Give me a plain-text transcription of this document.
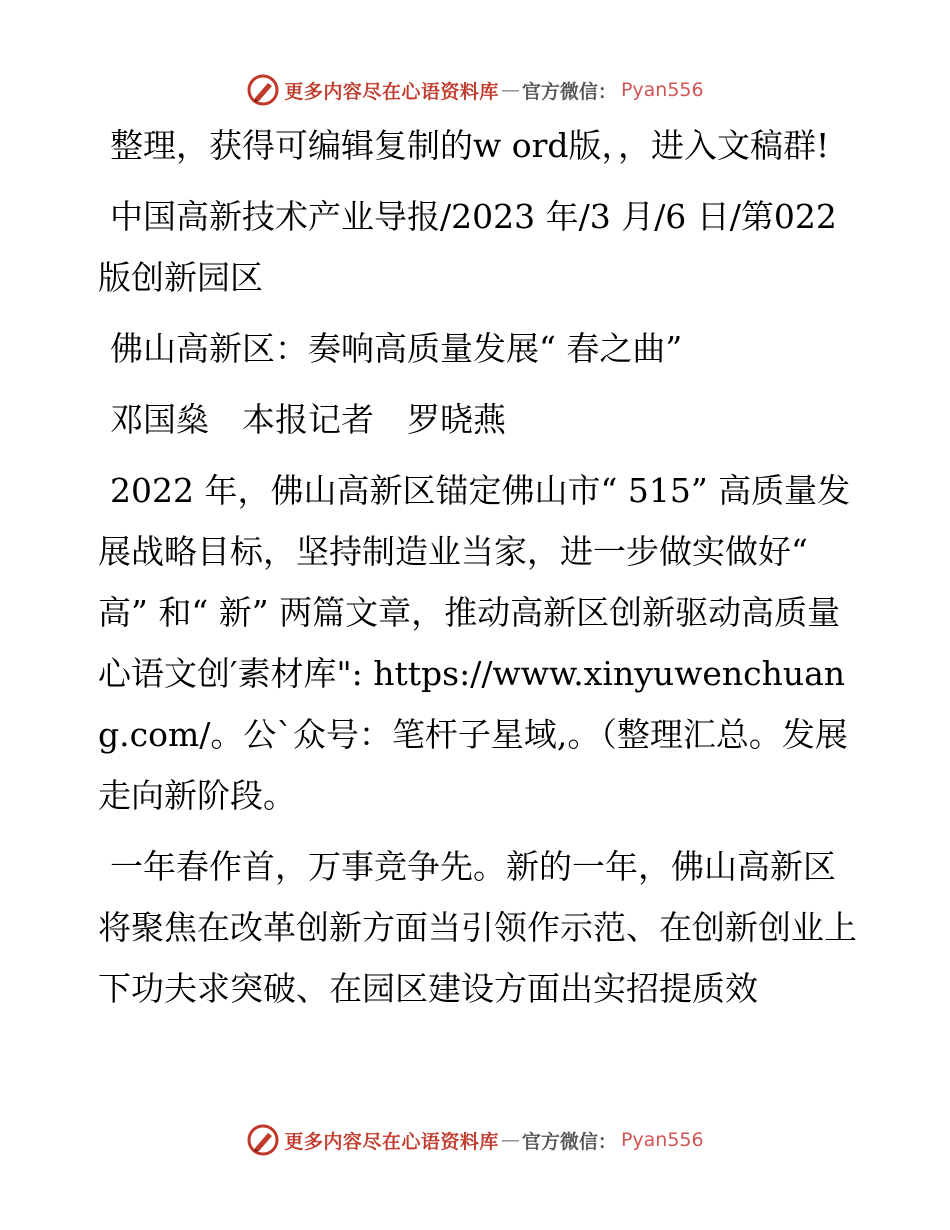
更多内容尽在心语资料库 — 官方微信： Pyan556

整理，获得可编辑复制的w ord版，，进入文稿群!

中国高新技术产业导报/2023 年/3 月/6 日/第022 版创新园区

佛山高新区：奏响高质量发展“ 春之曲”

邓国燊　本报记者　罗晓燕

2022 年，佛山高新区锚定佛山市“ 515” 高质量发展战略目标，坚持制造业当家，进一步做实做好“ 高” 和“ 新” 两篇文章，推动高新区创新驱动高质量心语文创′素材库": https://www.xinyuwenchuang.com/。公`众号：笔杆子星域,。（整理汇总。发展走向新阶段。

一年春作首，万事竞争先。新的一年，佛山高新区将聚焦在改革创新方面当引领作示范、在创新创业上下功夫求突破、在园区建设方面出实招提质效

更多内容尽在心语资料库 — 官方微信： Pyan556
